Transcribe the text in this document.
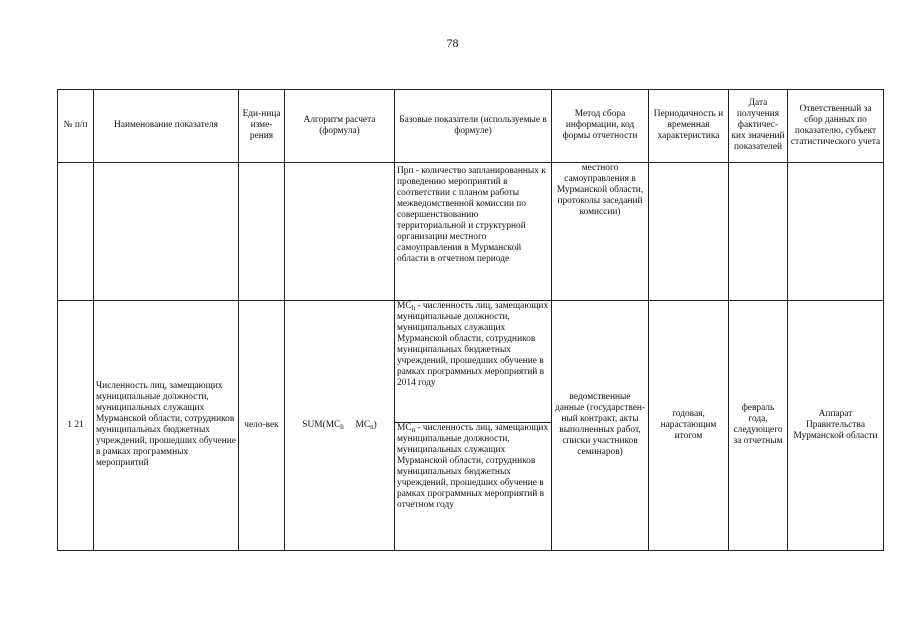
78
№ п/п	Наименование показателя	Еди-ница изме-рения	Алгоритм расчета (формула)	Базовые показатели (используемые в формуле)	Метод сбора информации, код формы отчетности	Периодичность и временная характеристика	Дата получения фактичес-ких значений показателей	Ответственный за сбор данных по показателю, субъект статистического учета
				Прп - количество запланированных к проведению мероприятий в соответствии с планом работы межведомственной комиссии по совершенствованию территориальной и структурной организации местного самоуправления в Мурманской области в отчетном периоде	местного самоуправления в Мурманской области, протоколы заседаний комиссии)			
1 21	Численность лиц, замещающих муниципальные должности, муниципальных служащих Мурманской области, сотрудников муниципальных бюджетных учреждений, прошедших обучение в рамках программных мероприятий	чело-век	$SUM(MC_h$ $MC_n$)	$MC_h$ - численность лиц, замещающих муниципальные должности, муниципальных служащих Мурманской области, сотрудников муниципальных бюджетных учреждений, прошедших обучение в рамках программных мероприятий в 2014 году	ведомственные данные (государствен-ный контракт, акты выполненных работ, списки участников семинаров)	годовая, нарастающим итогом	февраль года, следующего за отчетным	Аппарат Правительства Мурманской области
				$MC_n$ - численность лиц, замещающих муниципальные должности, муниципальных служащих Мурманской области, сотрудников муниципальных бюджетных учреждений, прошедших обучение в рамках программных мероприятий в отчетном году				
